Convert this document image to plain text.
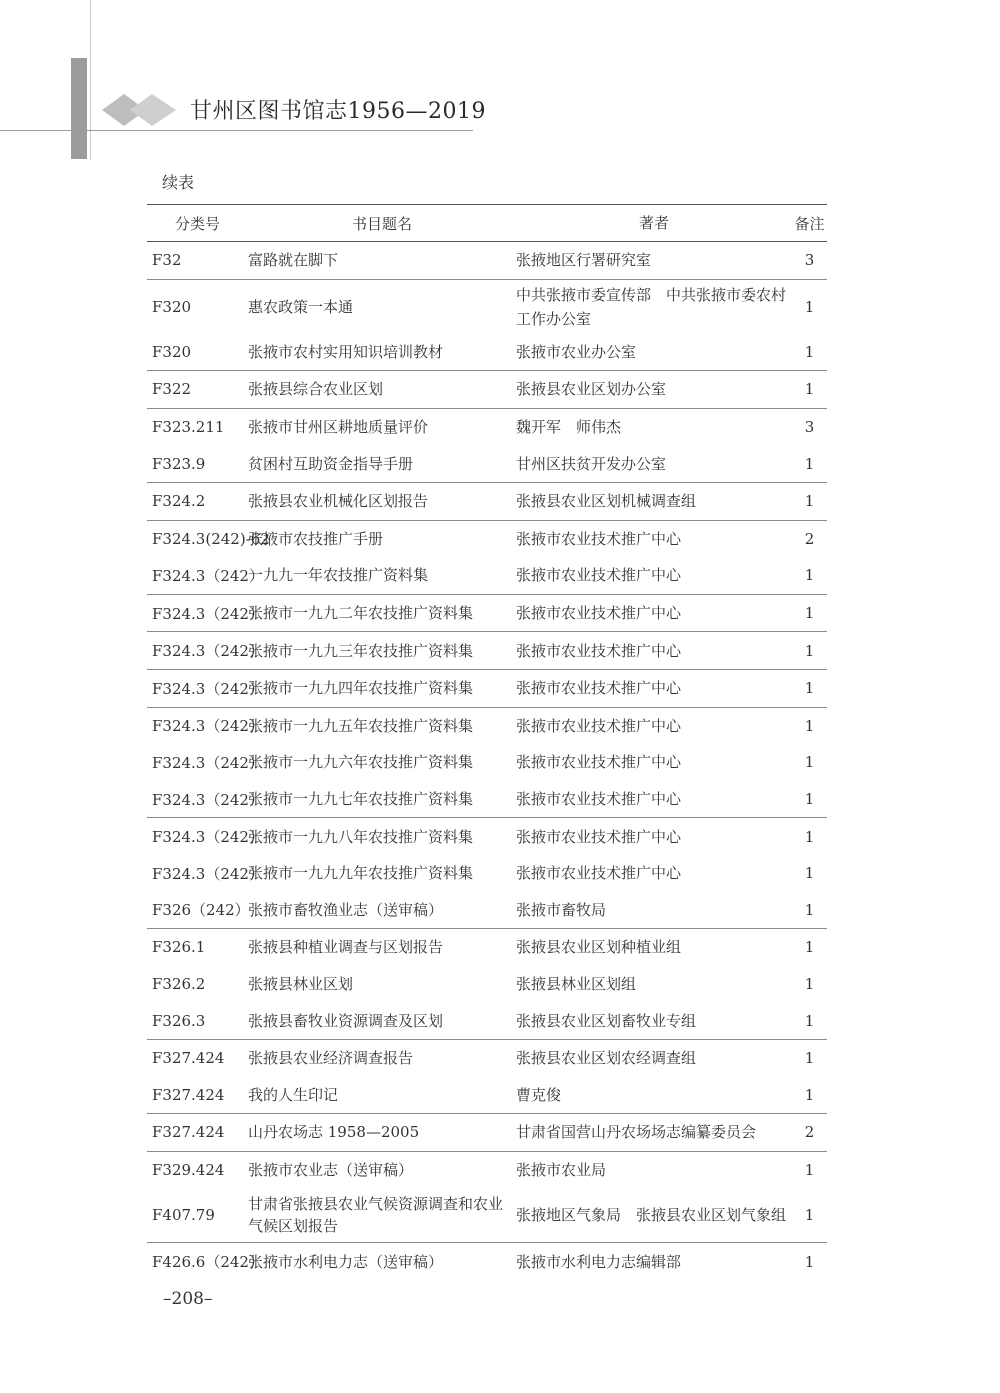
甘州区图书馆志1956—2019
续表
分类号	书目题名	著者	备注
F32	富路就在脚下	张掖地区行署研究室	3
F320	惠农政策一本通	中共张掖市委宣传部　中共张掖市委农村工作办公室	1
F320	张掖市农村实用知识培训教材	张掖市农业办公室	1
F322	张掖县综合农业区划	张掖县农业区划办公室	1
F323.211	张掖市甘州区耕地质量评价	魏开军　师伟杰	3
F323.9	贫困村互助资金指导手册	甘州区扶贫开发办公室	1
F324.2	张掖县农业机械化区划报告	张掖县农业区划机械调查组	1
F324.3(242)-62	张掖市农技推广手册	张掖市农业技术推广中心	2
F324.3（242）	一九九一年农技推广资料集	张掖市农业技术推广中心	1
F324.3（242）	张掖市一九九二年农技推广资料集	张掖市农业技术推广中心	1
F324.3（242）	张掖市一九九三年农技推广资料集	张掖市农业技术推广中心	1
F324.3（242）	张掖市一九九四年农技推广资料集	张掖市农业技术推广中心	1
F324.3（242）	张掖市一九九五年农技推广资料集	张掖市农业技术推广中心	1
F324.3（242）	张掖市一九九六年农技推广资料集	张掖市农业技术推广中心	1
F324.3（242）	张掖市一九九七年农技推广资料集	张掖市农业技术推广中心	1
F324.3（242）	张掖市一九九八年农技推广资料集	张掖市农业技术推广中心	1
F324.3（242）	张掖市一九九九年农技推广资料集	张掖市农业技术推广中心	1
F326（242）	张掖市畜牧渔业志（送审稿）	张掖市畜牧局	1
F326.1	张掖县种植业调查与区划报告	张掖县农业区划种植业组	1
F326.2	张掖县林业区划	张掖县林业区划组	1
F326.3	张掖县畜牧业资源调查及区划	张掖县农业区划畜牧业专组	1
F327.424	张掖县农业经济调查报告	张掖县农业区划农经调查组	1
F327.424	我的人生印记	曹克俊	1
F327.424	山丹农场志 1958—2005	甘肃省国营山丹农场场志编纂委员会	2
F329.424	张掖市农业志（送审稿）	张掖市农业局	1
F407.79	甘肃省张掖县农业气候资源调查和农业气候区划报告	张掖地区气象局　张掖县农业区划气象组	1
F426.6（242）	张掖市水利电力志（送审稿）	张掖市水利电力志编辑部	1
–208–
